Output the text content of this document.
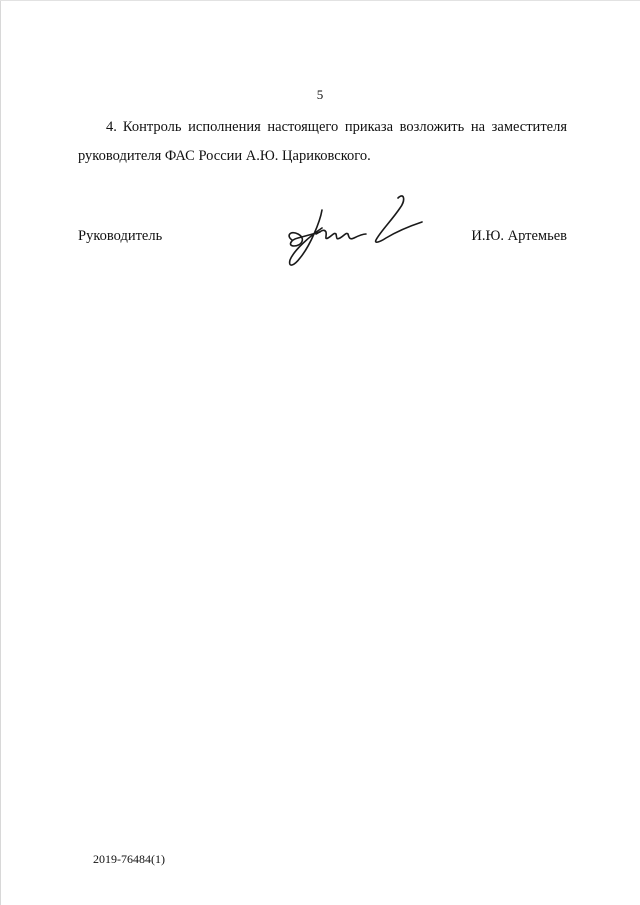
5
4. Контроль исполнения настоящего приказа возложить на заместителя
руководителя ФАС России А.Ю. Цариковского.
Руководитель	И.Ю. Артемьев
2019-76484(1)
